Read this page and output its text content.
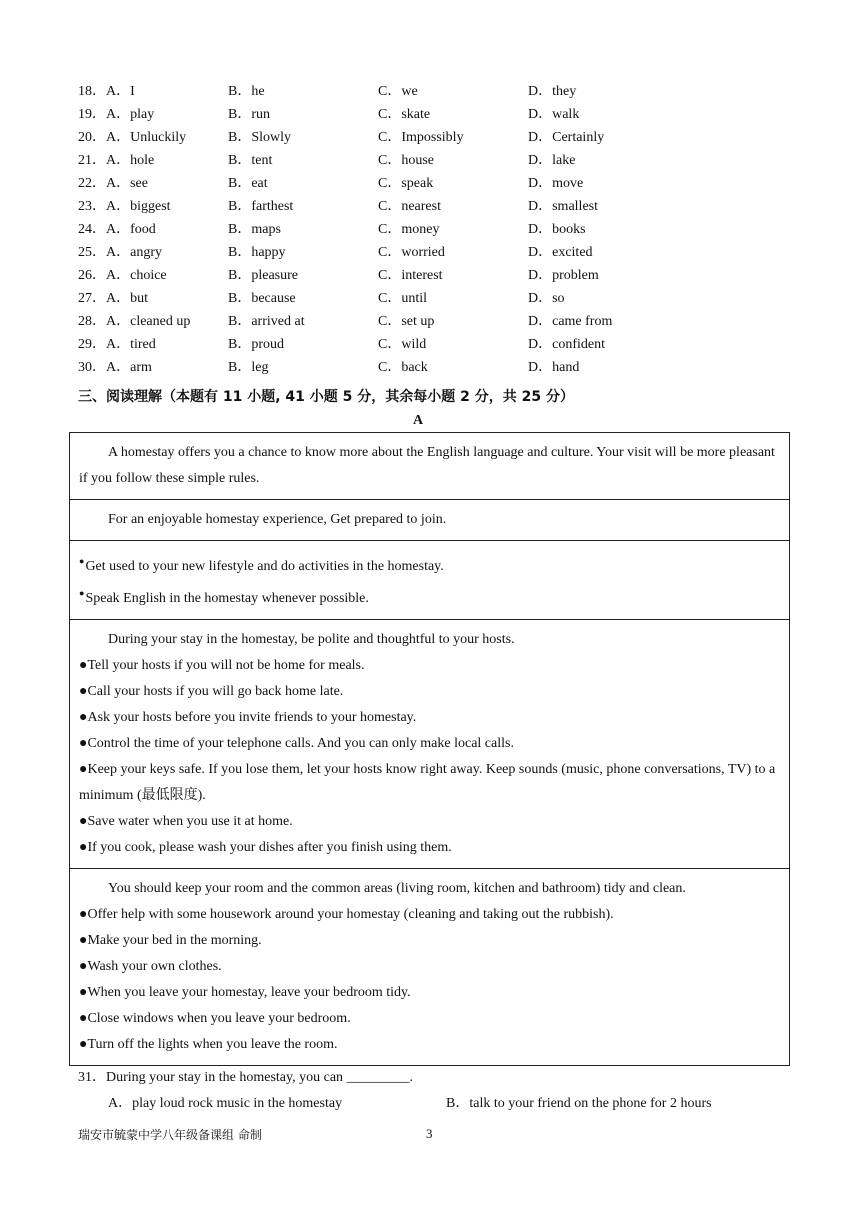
18．A．I	B．he	C．we	D．they
19．A．play	B．run	C．skate	D．walk
20．A．Unluckily	B．Slowly	C．Impossibly	D．Certainly
21．A．hole	B．tent	C．house	D．lake
22．A．see	B．eat	C．speak	D．move
23．A．biggest	B．farthest	C．nearest	D．smallest
24．A．food	B．maps	C．money	D．books
25．A．angry	B．happy	C．worried	D．excited
26．A．choice	B．pleasure	C．interest	D．problem
27．A．but	B．because	C．until	D．so
28．A．cleaned up	B．arrived at	C．set up	D．came from
29．A．tired	B．proud	C．wild	D．confident
30．A．arm	B．leg	C．back	D．hand
三、阅读理解（本题有 11 小题, 41 小题 5 分，其余每小题 2 分，共 25 分）
A
A homestay offers you a chance to know more about the English language and culture. Your visit will be more pleasant if you follow these simple rules.
For an enjoyable homestay experience, Get prepared to join.
●Get used to your new lifestyle and do activities in the homestay.
●Speak English in the homestay whenever possible.
During your stay in the homestay, be polite and thoughtful to your hosts.
●Tell your hosts if you will not be home for meals.
●Call your hosts if you will go back home late.
●Ask your hosts before you invite friends to your homestay.
●Control the time of your telephone calls. And you can only make local calls.
●Keep your keys safe. If you lose them, let your hosts know right away. Keep sounds (music, phone conversations, TV) to a minimum (最低限度).
●Save water when you use it at home.
●If you cook, please wash your dishes after you finish using them.
You should keep your room and the common areas (living room, kitchen and bathroom) tidy and clean.
●Offer help with some housework around your homestay (cleaning and taking out the rubbish).
●Make your bed in the morning.
●Wash your own clothes.
●When you leave your homestay, leave your bedroom tidy.
●Close windows when you leave your bedroom.
●Turn off the lights when you leave the room.
31．During your stay in the homestay, you can _________.
A．play loud rock music in the homestay	B．talk to your friend on the phone for 2 hours
瑞安市毓蒙中学八年级备课组 命制	3
